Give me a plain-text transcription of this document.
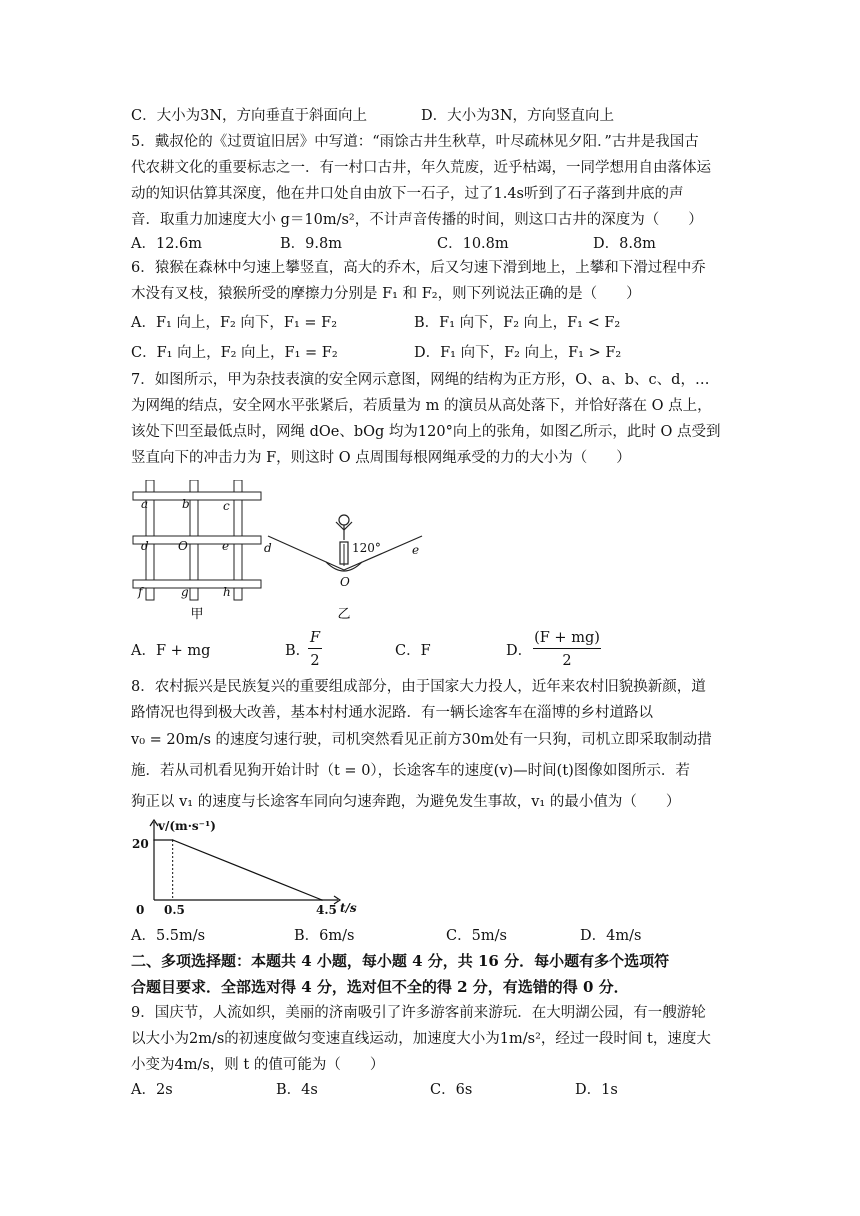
C．大小为3N，方向垂直于斜面向上	D．大小为3N，方向竖直向上
5．戴叔伦的《过贾谊旧居》中写道：“雨馀古井生秋草，叶尽疏林见夕阳．”古井是我国古
代农耕文化的重要标志之一．有一村口古井，年久荒废，近乎枯竭，一同学想用自由落体运
动的知识估算其深度，他在井口处自由放下一石子，过了1.4s听到了石子落到井底的声
音．取重力加速度大小 g＝10m/s²，不计声音传播的时间，则这口古井的深度为（　　）
A．12.6m	B．9.8m	C．10.8m	D．8.8m
6．猿猴在森林中匀速上攀竖直，高大的乔木，后又匀速下滑到地上，上攀和下滑过程中乔
木没有叉枝，猿猴所受的摩擦力分别是 F₁ 和 F₂，则下列说法正确的是（　　）
A．F₁ 向上，F₂ 向下，F₁ = F₂	B．F₁ 向下，F₂ 向上，F₁ < F₂
C．F₁ 向上，F₂ 向上，F₁ = F₂	D．F₁ 向下，F₂ 向上，F₁ > F₂
7．如图所示，甲为杂技表演的安全网示意图，网绳的结构为正方形，O、a、b、c、d，…
为网绳的结点，安全网水平张紧后，若质量为 m 的演员从高处落下，并恰好落在 O 点上，
该处下凹至最低点时，网绳 dOe、bOg 均为120°向上的张角，如图乙所示，此时 O 点受到
竖直向下的冲击力为 F，则这时 O 点周围每根网绳承受的力的大小为（　　）
a	b	c
d O	e
f	g	h
甲
d	e
O
120°
乙
A．F + mg	B．
F
2
C．F	D．
(F + mg)
2
8．农村振兴是民族复兴的重要组成部分，由于国家大力投人，近年来农村旧貌换新颜，道
路情况也得到极大改善，基本村村通水泥路．有一辆长途客车在淄博的乡村道路以
v₀ = 20m/s 的速度匀速行驶，司机突然看见正前方30m处有一只狗，司机立即采取制动措
施．若从司机看见狗开始计时（t = 0），长途客车的速度(v)—时间(t)图像如图所示．若
狗正以 v₁ 的速度与长途客车同向匀速奔跑，为避免发生事故，v₁ 的最小值为（　　）
v/(m·s⁻¹)
t/s
20
0 0.5	4.5
A．5.5m/s	B．6m/s	C．5m/s	D．4m/s
二、多项选择题：本题共 4 小题，每小题 4 分，共 16 分．每小题有多个选项符
合题目要求．全部选对得 4 分，选对但不全的得 2 分，有选错的得 0 分．
9．国庆节，人流如织，美丽的济南吸引了许多游客前来游玩．在大明湖公园，有一艘游轮
以大小为2m/s的初速度做匀变速直线运动，加速度大小为1m/s²，经过一段时间 t，速度大
小变为4m/s，则 t 的值可能为（　　）
A．2s	B．4s	C．6s	D．1s
